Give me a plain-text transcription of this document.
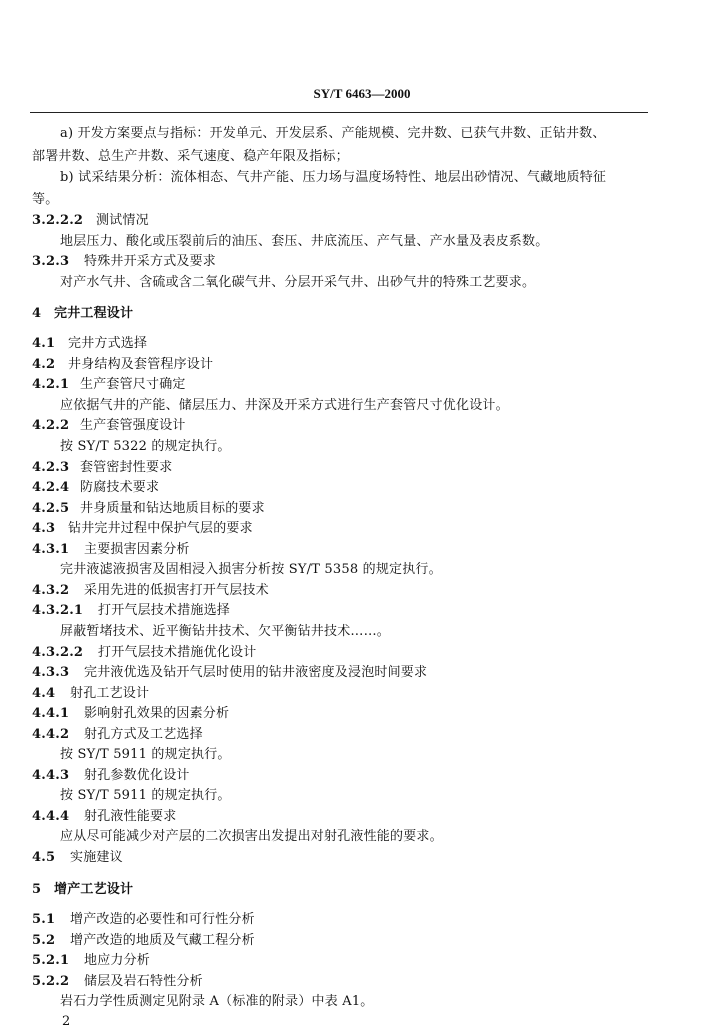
SY/T 6463—2000
a) 开发方案要点与指标：开发单元、开发层系、产能规模、完井数、已获气井数、正钻井数、
部署井数、总生产井数、采气速度、稳产年限及指标；
b) 试采结果分析：流体相态、气井产能、压力场与温度场特性、地层出砂情况、气藏地质特征
等。
3.2.2.2 测试情况
地层压力、酸化或压裂前后的油压、套压、井底流压、产气量、产水量及表皮系数。
3.2.3 特殊井开采方式及要求
对产水气井、含硫或含二氧化碳气井、分层开采气井、出砂气井的特殊工艺要求。
4 完井工程设计
4.1 完井方式选择
4.2 井身结构及套管程序设计
4.2.1 生产套管尺寸确定
应依据气井的产能、储层压力、井深及开采方式进行生产套管尺寸优化设计。
4.2.2 生产套管强度设计
按 SY/T 5322 的规定执行。
4.2.3 套管密封性要求
4.2.4 防腐技术要求
4.2.5 井身质量和钻达地质目标的要求
4.3 钻井完井过程中保护气层的要求
4.3.1 主要损害因素分析
完井液滤液损害及固相浸入损害分析按 SY/T 5358 的规定执行。
4.3.2 采用先进的低损害打开气层技术
4.3.2.1 打开气层技术措施选择
屏蔽暂堵技术、近平衡钻井技术、欠平衡钻井技术……。
4.3.2.2 打开气层技术措施优化设计
4.3.3 完井液优选及钻开气层时使用的钻井液密度及浸泡时间要求
4.4 射孔工艺设计
4.4.1 影响射孔效果的因素分析
4.4.2 射孔方式及工艺选择
按 SY/T 5911 的规定执行。
4.4.3 射孔参数优化设计
按 SY/T 5911 的规定执行。
4.4.4 射孔液性能要求
应从尽可能减少对产层的二次损害出发提出对射孔液性能的要求。
4.5 实施建议
5 增产工艺设计
5.1 增产改造的必要性和可行性分析
5.2 增产改造的地质及气藏工程分析
5.2.1 地应力分析
5.2.2 储层及岩石特性分析
岩石力学性质测定见附录 A（标准的附录）中表 A1。
2
